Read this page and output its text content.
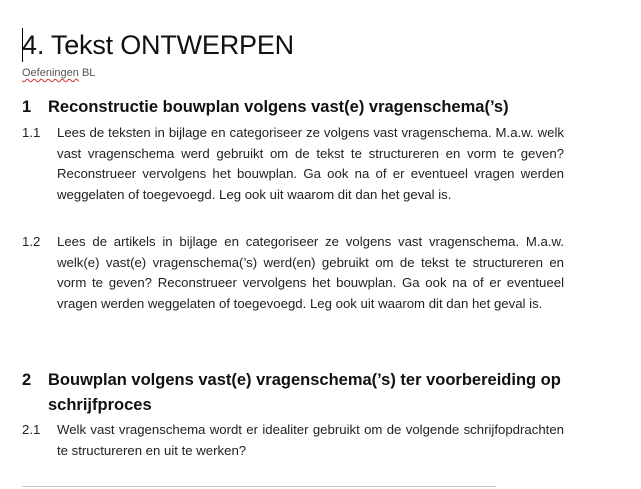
4. Tekst ONTWERPEN
Oefeningen BL
1 Reconstructie bouwplan volgens vast(e) vragenschema(’s)
1.1 Lees de teksten in bijlage en categoriseer ze volgens vast vragenschema. M.a.w. welk vast vragenschema werd gebruikt om de tekst te structureren en vorm te geven? Reconstrueer vervolgens het bouwplan. Ga ook na of er eventueel vragen werden weggelaten of toegevoegd. Leg ook uit waarom dit dan het geval is.
1.2 Lees de artikels in bijlage en categoriseer ze volgens vast vragenschema. M.a.w. welk(e) vast(e) vragenschema(’s) werd(en) gebruikt om de tekst te structureren en vorm te geven? Reconstrueer vervolgens het bouwplan. Ga ook na of er eventueel vragen werden weggelaten of toegevoegd. Leg ook uit waarom dit dan het geval is.
2 Bouwplan volgens vast(e) vragenschema(’s) ter voorbereiding op schrijfproces
2.1 Welk vast vragenschema wordt er idealiter gebruikt om de volgende schrijfopdrachten te structureren en uit te werken?
